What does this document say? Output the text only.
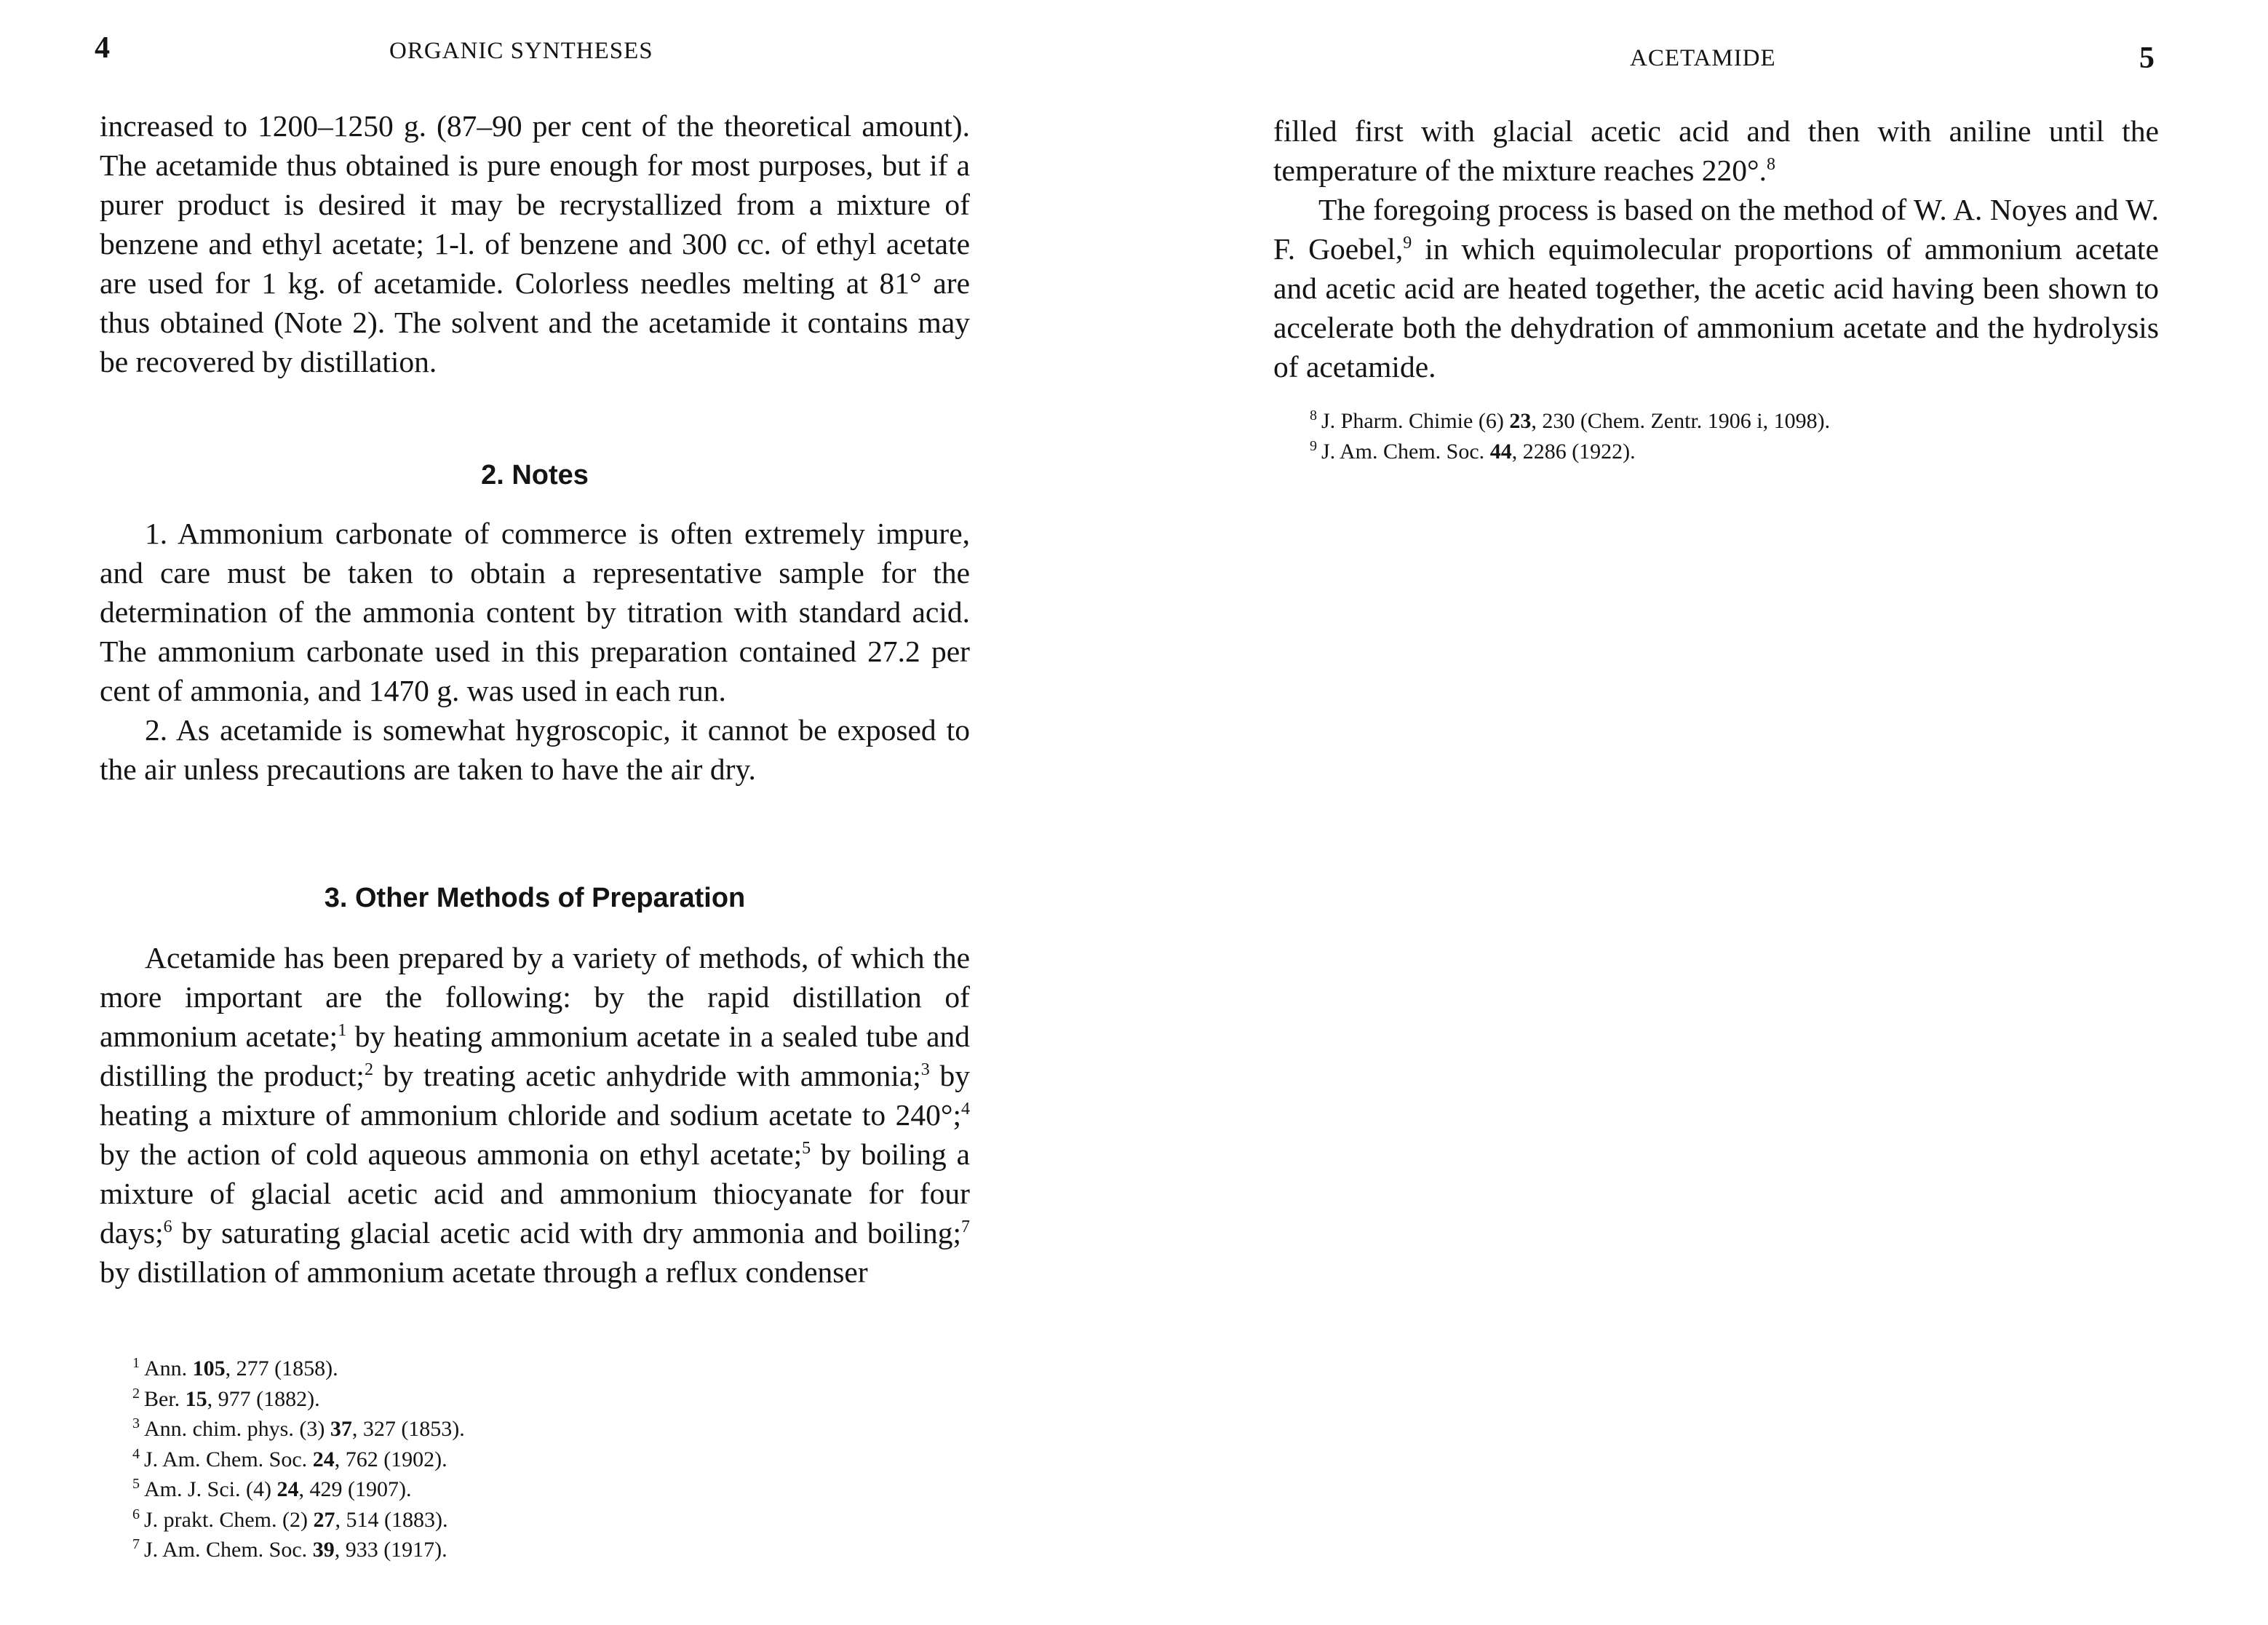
4	ORGANIC SYNTHESES

increased to 1200–1250 g. (87–90 per cent of the theoretical amount). The acetamide thus obtained is pure enough for most purposes, but if a purer product is desired it may be recrystallized from a mixture of benzene and ethyl acetate; 1-l. of benzene and 300 cc. of ethyl acetate are used for 1 kg. of acetamide. Colorless needles melting at 81° are thus obtained (Note 2). The solvent and the acetamide it contains may be recovered by distillation.

2. Notes

1. Ammonium carbonate of commerce is often extremely impure, and care must be taken to obtain a representative sample for the determination of the ammonia content by titration with standard acid. The ammonium carbonate used in this preparation contained 27.2 per cent of ammonia, and 1470 g. was used in each run.

2. As acetamide is somewhat hygroscopic, it cannot be exposed to the air unless precautions are taken to have the air dry.

3. Other Methods of Preparation

Acetamide has been prepared by a variety of methods, of which the more important are the following: by the rapid distillation of ammonium acetate;$^1$ by heating ammonium acetate in a sealed tube and distilling the product;$^2$ by treating acetic anhydride with ammonia;$^3$ by heating a mixture of ammonium chloride and sodium acetate to 240°;$^4$ by the action of cold aqueous ammonia on ethyl acetate;$^5$ by boiling a mixture of glacial acetic acid and ammonium thiocyanate for four days;$^6$ by saturating glacial acetic acid with dry ammonia and boiling;$^7$ by distillation of ammonium acetate through a reflux condenser

$^1$ Ann. 105, 277 (1858).
$^2$ Ber. 15, 977 (1882).
$^3$ Ann. chim. phys. (3) 37, 327 (1853).
$^4$ J. Am. Chem. Soc. 24, 762 (1902).
$^5$ Am. J. Sci. (4) 24, 429 (1907).
$^6$ J. prakt. Chem. (2) 27, 514 (1883).
$^7$ J. Am. Chem. Soc. 39, 933 (1917).
ACETAMIDE	5

filled first with glacial acetic acid and then with aniline until the temperature of the mixture reaches 220°.$^8$

The foregoing process is based on the method of W. A. Noyes and W. F. Goebel,$^9$ in which equimolecular proportions of ammonium acetate and acetic acid are heated together, the acetic acid having been shown to accelerate both the dehydration of ammonium acetate and the hydrolysis of acetamide.

$^8$ J. Pharm. Chimie (6) 23, 230 (Chem. Zentr. 1906 i, 1098).
$^9$ J. Am. Chem. Soc. 44, 2286 (1922).
